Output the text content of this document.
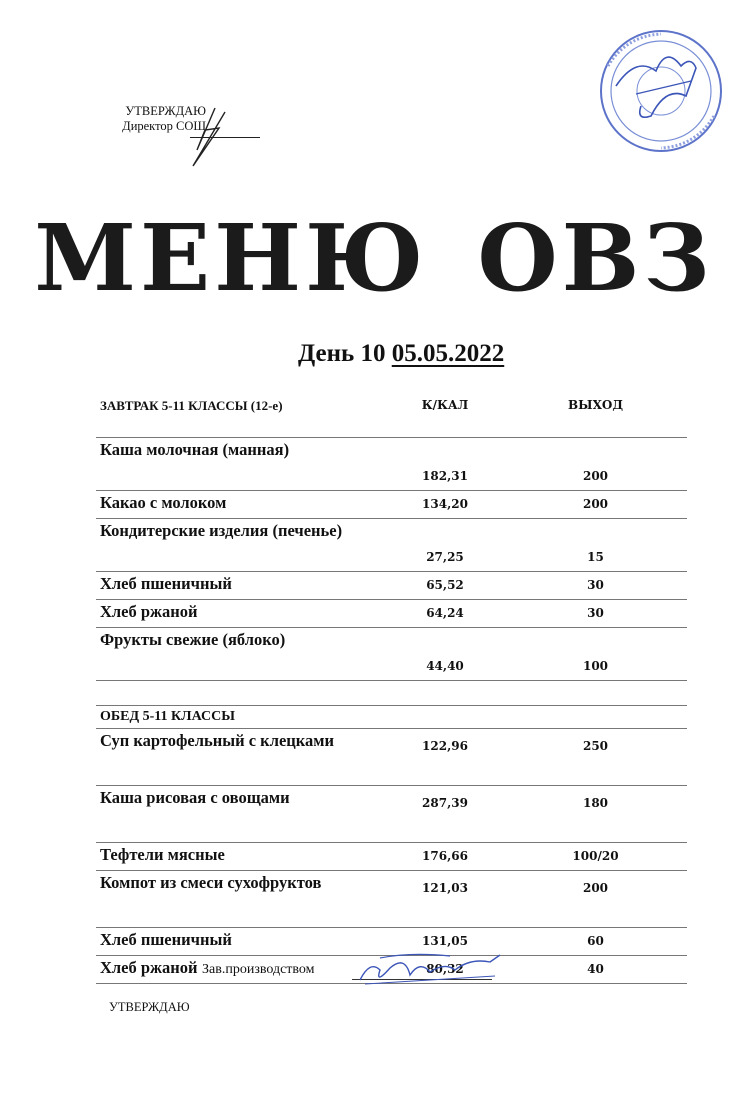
УТВЕРЖДАЮ
Директор СОШ
МЕНЮ ОВЗ
День 10 05.05.2022
ЗАВТРАК 5-11 КЛАССЫ (12-е)	К/КАЛ	ВЫХОД
Каша молочная (манная)	182,31	200
Какао с молоком	134,20	200
Кондитерские изделия (печенье)	27,25	15
Хлеб пшеничный	65,52	30
Хлеб ржаной	64,24	30
Фрукты свежие (яблоко)	44,40	100

ОБЕД 5-11 КЛАССЫ		
Суп картофельный с клецками	122,96	250
Каша рисовая с овощами	287,39	180
Тефтели мясные	176,66	100/20
Компот из смеси сухофруктов	121,03	200
Хлеб пшеничный	131,05	60
Хлеб ржаной	80,32	40
Зав.производством
УТВЕРЖДАЮ
